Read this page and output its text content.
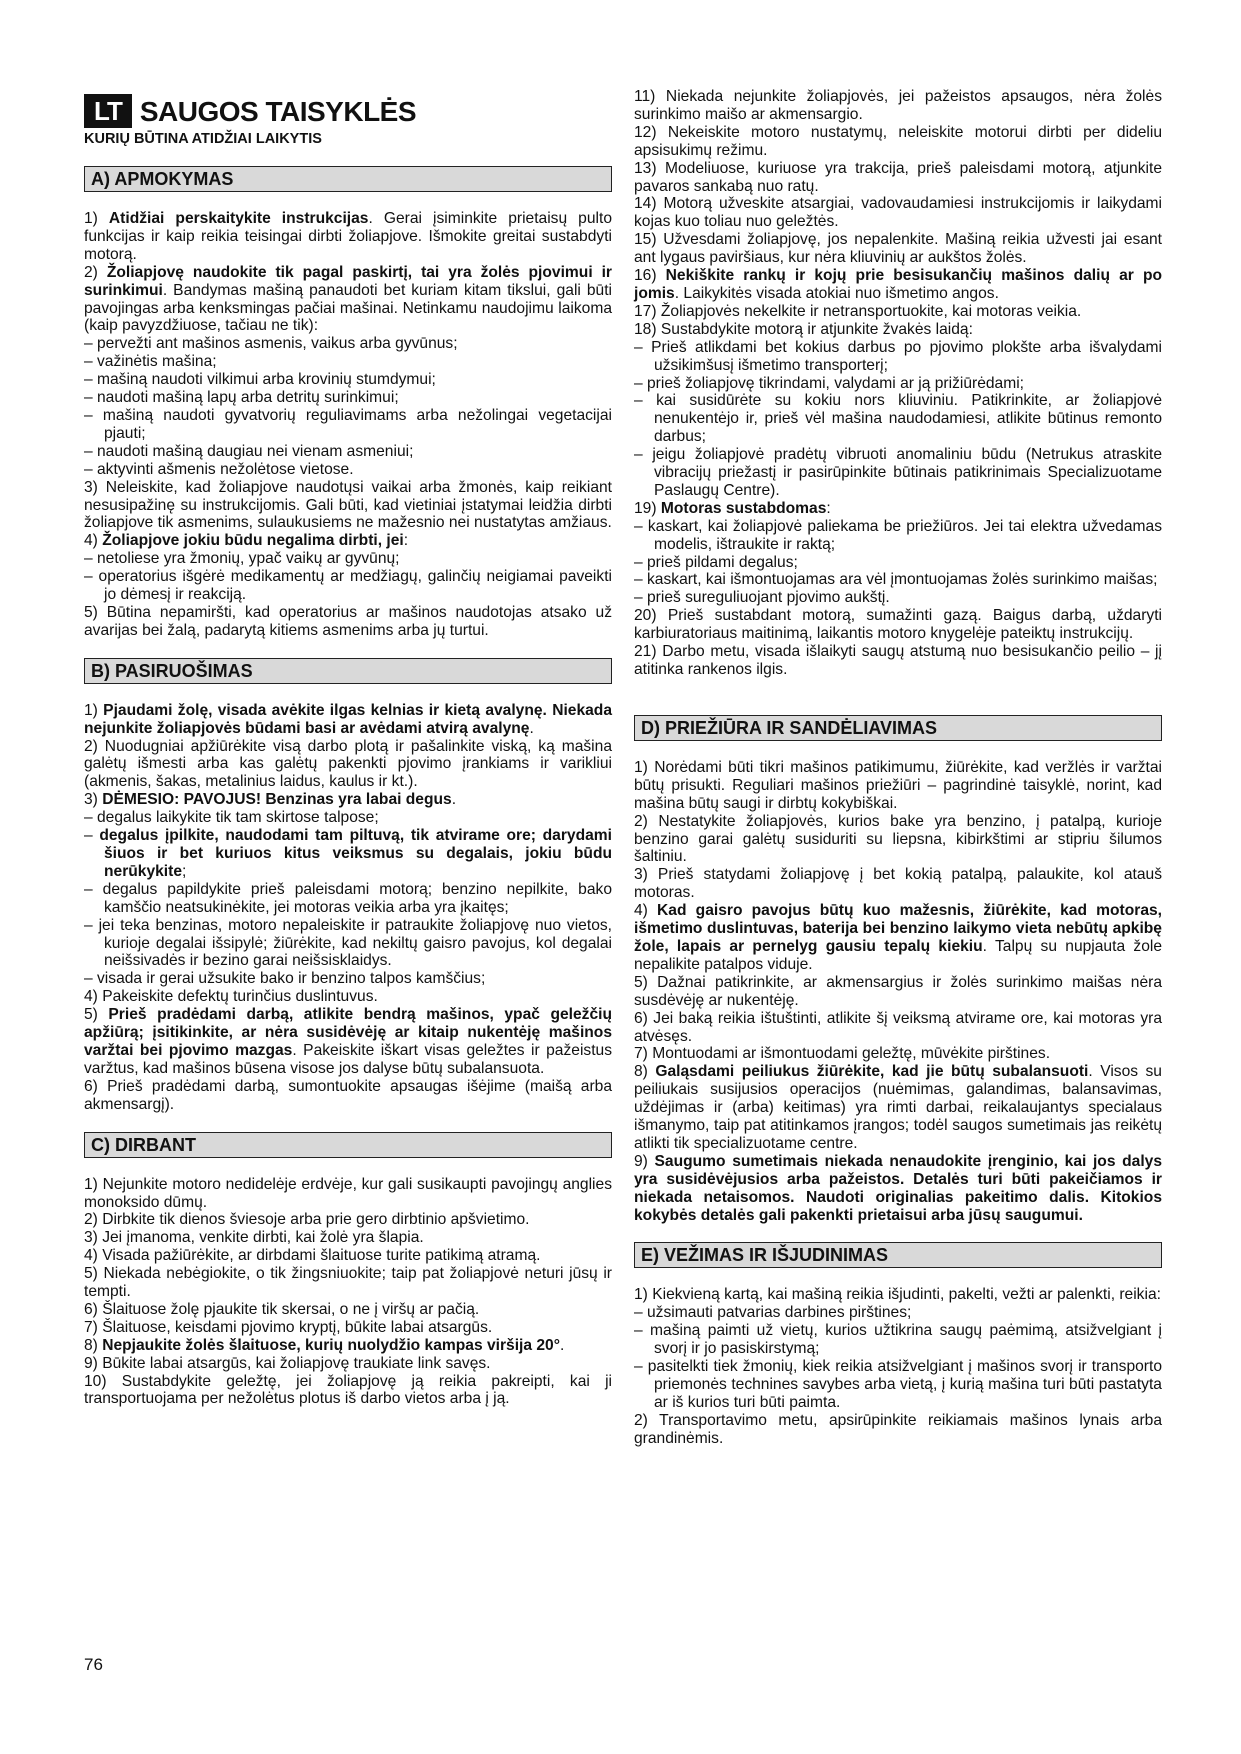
LT SAUGOS TAISYKLĖS
KURIŲ BŪTINA ATIDŽIAI LAIKYTIS
A) APMOKYMAS

1) Atidžiai perskaitykite instrukcijas. Gerai įsiminkite prietaisų pulto funkcijas ir kaip reikia teisingai dirbti žoliapjove. Išmokite greitai sustabdyti motorą.

2) Žoliapjovę naudokite tik pagal paskirtį, tai yra žolės pjovimui ir surinkimui. Bandymas mašiną panaudoti bet kuriam kitam tikslui, gali būti pavojingas arba kenksmingas pačiai mašinai. Netinkamu naudojimu laikoma (kaip pavyzdžiuose, tačiau ne tik):

– pervežti ant mašinos asmenis, vaikus arba gyvūnus;

– važinėtis mašina;

– mašiną naudoti vilkimui arba krovinių stumdymui;

– naudoti mašiną lapų arba detritų surinkimui;

– mašiną naudoti gyvatvorių reguliavimams arba nežolingai vegetacijai pjauti;

– naudoti mašiną daugiau nei vienam asmeniui;

– aktyvinti ašmenis nežolėtose vietose.

3) Neleiskite, kad žoliapjove naudotųsi vaikai arba žmonės, kaip reikiant nesusipažinę su instrukcijomis. Gali būti, kad vietiniai įstatymai leidžia dirbti žoliapjove tik asmenims, sulaukusiems ne mažesnio nei nustatytas amžiaus.

4) Žoliapjove jokiu būdu negalima dirbti, jei:

– netoliese yra žmonių, ypač vaikų ar gyvūnų;

– operatorius išgėrė medikamentų ar medžiagų, galinčių neigiamai paveikti jo dėmesį ir reakciją.

5) Būtina nepamiršti, kad operatorius ar mašinos naudotojas atsako už avarijas bei žalą, padarytą kitiems asmenims arba jų turtui.

B) PASIRUOŠIMAS

1) Pjaudami žolę, visada avėkite ilgas kelnias ir kietą avalynę. Niekada nejunkite žoliapjovės būdami basi ar avėdami atvirą avalynę.

2) Nuodugniai apžiūrėkite visą darbo plotą ir pašalinkite viską, ką mašina galėtų išmesti arba kas galėtų pakenkti pjovimo įrankiams ir varikliui (akmenis, šakas, metalinius laidus, kaulus ir kt.).

3) DĖMESIO: PAVOJUS! Benzinas yra labai degus.

– degalus laikykite tik tam skirtose talpose;

– degalus įpilkite, naudodami tam piltuvą, tik atvirame ore; darydami šiuos ir bet kuriuos kitus veiksmus su degalais, jokiu būdu nerūkykite;

– degalus papildykite prieš paleisdami motorą; benzino nepilkite, bako kamščio neatsukinėkite, jei motoras veikia arba yra įkaitęs;

– jei teka benzinas, motoro nepaleiskite ir patraukite žoliapjovę nuo vietos, kurioje degalai išsipylė; žiūrėkite, kad nekiltų gaisro pavojus, kol degalai neišsivadės ir bezino garai neišsisklaidys.

– visada ir gerai užsukite bako ir benzino talpos kamščius;

4) Pakeiskite defektų turinčius duslintuvus.

5) Prieš pradėdami darbą, atlikite bendrą mašinos, ypač geležčių apžiūrą; įsitikinkite, ar nėra susidėvėję ar kitaip nukentėję mašinos varžtai bei pjovimo mazgas. Pakeiskite iškart visas geležtes ir pažeistus varžtus, kad mašinos būsena visose jos dalyse būtų subalansuota.

6) Prieš pradėdami darbą, sumontuokite apsaugas išėjime (maišą arba akmensargį).

C) DIRBANT

1) Nejunkite motoro nedidelėje erdvėje, kur gali susikaupti pavojingų anglies monoksido dūmų.

2) Dirbkite tik dienos šviesoje arba prie gero dirbtinio apšvietimo.

3) Jei įmanoma, venkite dirbti, kai žolė yra šlapia.

4) Visada pažiūrėkite, ar dirbdami šlaituose turite patikimą atramą.

5) Niekada nebėgiokite, o tik žingsniuokite; taip pat žoliapjovė neturi jūsų ir tempti.

6) Šlaituose žolę pjaukite tik skersai, o ne į viršų ar pačią.

7) Šlaituose, keisdami pjovimo kryptį, būkite labai atsargūs.

8) Nepjaukite žolės šlaituose, kurių nuolydžio kampas viršija 20°.

9) Būkite labai atsargūs, kai žoliapjovę traukiate link savęs.

10) Sustabdykite geležtę, jei žoliapjovę ją reikia pakreipti, kai ji transportuojama per nežolėtus plotus iš darbo vietos arba į ją.

11) Niekada nejunkite žoliapjovės, jei pažeistos apsaugos, nėra žolės surinkimo maišo ar akmensargio.

12) Nekeiskite motoro nustatymų, neleiskite motorui dirbti per dideliu apsisukimų režimu.

13) Modeliuose, kuriuose yra trakcija, prieš paleisdami motorą, atjunkite pavaros sankabą nuo ratų.

14) Motorą užveskite atsargiai, vadovaudamiesi instrukcijomis ir laikydami kojas kuo toliau nuo geležtės.

15) Užvesdami žoliapjovę, jos nepalenkite. Mašiną reikia užvesti jai esant ant lygaus paviršiaus, kur nėra kliuvinių ar aukštos žolės.

16) Nekiškite rankų ir kojų prie besisukančių mašinos dalių ar po jomis. Laikykitės visada atokiai nuo išmetimo angos.

17) Žoliapjovės nekelkite ir netransportuokite, kai motoras veikia.

18) Sustabdykite motorą ir atjunkite žvakės laidą:

– Prieš atlikdami bet kokius darbus po pjovimo plokšte arba išvalydami užsikimšusį išmetimo transporterį;

– prieš žoliapjovę tikrindami, valydami ar ją prižiūrėdami;

– kai susidūrėte su kokiu nors kliuviniu. Patikrinkite, ar žoliapjovė nenukentėjo ir, prieš vėl mašina naudodamiesi, atlikite būtinus remonto darbus;

– jeigu žoliapjovė pradėtų vibruoti anomaliniu būdu (Netrukus atraskite vibracijų priežastį ir pasirūpinkite būtinais patikrinimais Specializuotame Paslaugų Centre).

19) Motoras sustabdomas:

– kaskart, kai žoliapjovė paliekama be priežiūros. Jei tai elektra užvedamas modelis, ištraukite ir raktą;

– prieš pildami degalus;

– kaskart, kai išmontuojamas ara vėl įmontuojamas žolės surinkimo maišas;

– prieš sureguliuojant pjovimo aukštį.

20) Prieš sustabdant motorą, sumažinti gazą. Baigus darbą, uždaryti karbiuratoriaus maitinimą, laikantis motoro knygelėje pateiktų instrukcijų.

21) Darbo metu, visada išlaikyti saugų atstumą nuo besisukančio peilio – jį atitinka rankenos ilgis.

D) PRIEŽIŪRA IR SANDĖLIAVIMAS

1) Norėdami būti tikri mašinos patikimumu, žiūrėkite, kad veržlės ir varžtai būtų prisukti. Reguliari mašinos priežiūri – pagrindinė taisyklė, norint, kad mašina būtų saugi ir dirbtų kokybiškai.

2) Nestatykite žoliapjovės, kurios bake yra benzino, į patalpą, kurioje benzino garai galėtų susiduriti su liepsna, kibirkštimi ar stipriu šilumos šaltiniu.

3) Prieš statydami žoliapjovę į bet kokią patalpą, palaukite, kol atauš motoras.

4) Kad gaisro pavojus būtų kuo mažesnis, žiūrėkite, kad motoras, išmetimo duslintuvas, baterija bei benzino laikymo vieta nebūtų apkibę žole, lapais ar pernelyg gausiu tepalų kiekiu. Talpų su nupjauta žole nepalikite patalpos viduje.

5) Dažnai patikrinkite, ar akmensargius ir žolės surinkimo maišas nėra susdėvėję ar nukentėję.

6) Jei baką reikia ištuštinti, atlikite šį veiksmą atvirame ore, kai motoras yra atvėsęs.

7) Montuodami ar išmontuodami geležtę, mūvėkite pirštines.

8) Galąsdami peiliukus žiūrėkite, kad jie būtų subalansuoti. Visos su peiliukais susijusios operacijos (nuėmimas, galandimas, balansavimas, uždėjimas ir (arba) keitimas) yra rimti darbai, reikalaujantys specialaus išmanymo, taip pat atitinkamos įrangos; todėl saugos sumetimais jas reikėtų atlikti tik specializuotame centre.

9) Saugumo sumetimais niekada nenaudokite įrenginio, kai jos dalys yra susidėvėjusios arba pažeistos. Detalės turi būti pakeičiamos ir niekada netaisomos. Naudoti originalias pakeitimo dalis. Kitokios kokybės detalės gali pakenkti prietaisui arba jūsų saugumui.

E) VEŽIMAS IR IŠJUDINIMAS

1) Kiekvieną kartą, kai mašiną reikia išjudinti, pakelti, vežti ar palenkti, reikia:

– užsimauti patvarias darbines pirštines;

– mašiną paimti už vietų, kurios užtikrina saugų paėmimą, atsižvelgiant į svorį ir jo pasiskirstymą;

– pasitelkti tiek žmonių, kiek reikia atsižvelgiant į mašinos svorį ir transporto priemonės technines savybes arba vietą, į kurią mašina turi būti pastatyta ar iš kurios turi būti paimta.

2) Transportavimo metu, apsirūpinkite reikiamais mašinos lynais arba grandinėmis.

76
